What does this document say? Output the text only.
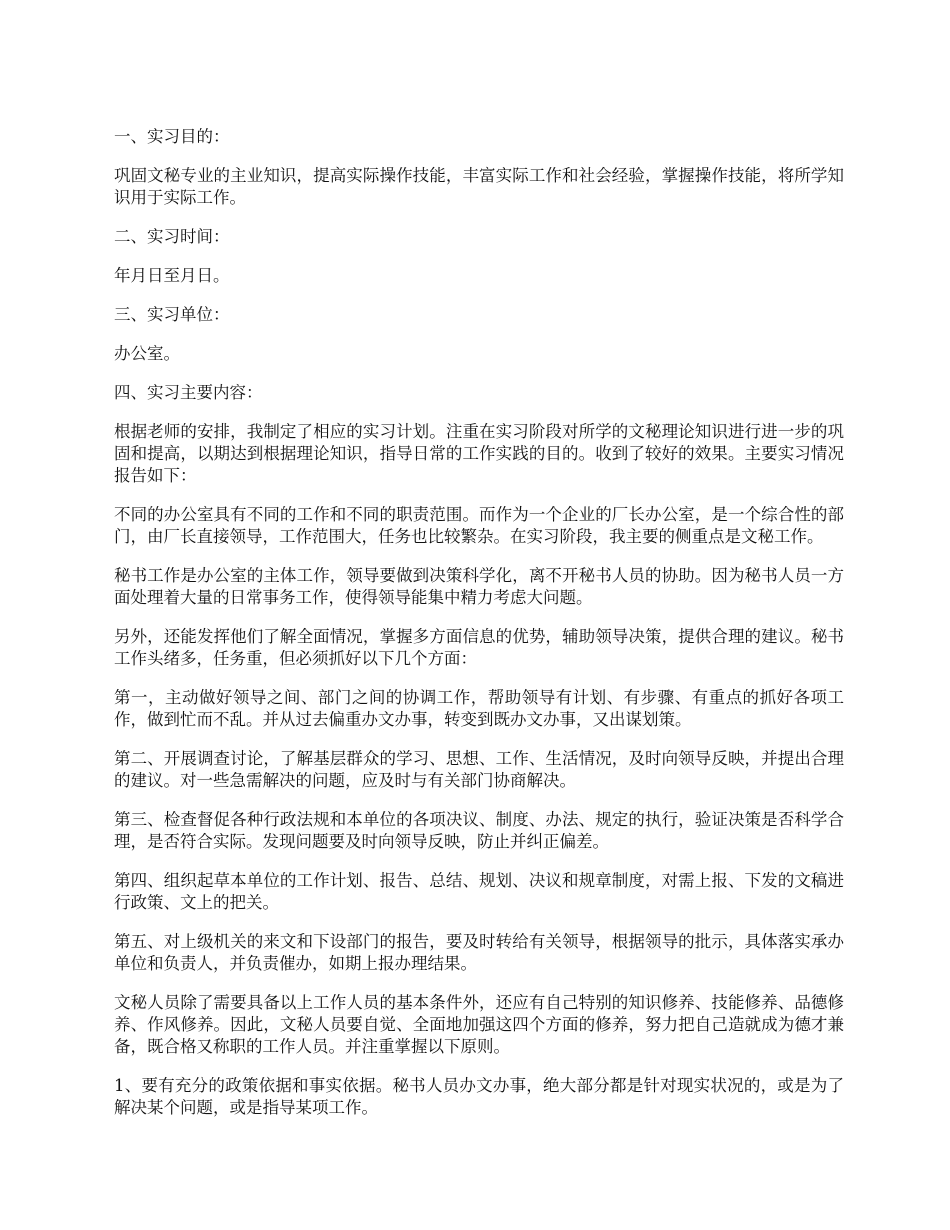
一、实习目的：

巩固文秘专业的主业知识，提高实际操作技能，丰富实际工作和社会经验，掌握操作技能，将所学知识用于实际工作。

二、实习时间：

年月日至月日。

三、实习单位：

办公室。

四、实习主要内容：

根据老师的安排，我制定了相应的实习计划。注重在实习阶段对所学的文秘理论知识进行进一步的巩固和提高，以期达到根据理论知识，指导日常的工作实践的目的。收到了较好的效果。主要实习情况报告如下：

不同的办公室具有不同的工作和不同的职责范围。而作为一个企业的厂长办公室，是一个综合性的部门，由厂长直接领导，工作范围大，任务也比较繁杂。在实习阶段，我主要的侧重点是文秘工作。

秘书工作是办公室的主体工作，领导要做到决策科学化，离不开秘书人员的协助。因为秘书人员一方面处理着大量的日常事务工作，使得领导能集中精力考虑大问题。

另外，还能发挥他们了解全面情况，掌握多方面信息的优势，辅助领导决策，提供合理的建议。秘书工作头绪多，任务重，但必须抓好以下几个方面：

第一，主动做好领导之间、部门之间的协调工作，帮助领导有计划、有步骤、有重点的抓好各项工作，做到忙而不乱。并从过去偏重办文办事，转变到既办文办事，又出谋划策。

第二、开展调查讨论，了解基层群众的学习、思想、工作、生活情况，及时向领导反映，并提出合理的建议。对一些急需解决的问题，应及时与有关部门协商解决。

第三、检查督促各种行政法规和本单位的各项决议、制度、办法、规定的执行，验证决策是否科学合理，是否符合实际。发现问题要及时向领导反映，防止并纠正偏差。

第四、组织起草本单位的工作计划、报告、总结、规划、决议和规章制度，对需上报、下发的文稿进行政策、文上的把关。

第五、对上级机关的来文和下设部门的报告，要及时转给有关领导，根据领导的批示，具体落实承办单位和负责人，并负责催办，如期上报办理结果。

文秘人员除了需要具备以上工作人员的基本条件外，还应有自己特别的知识修养、技能修养、品德修养、作风修养。因此，文秘人员要自觉、全面地加强这四个方面的修养，努力把自己造就成为德才兼备，既合格又称职的工作人员。并注重掌握以下原则。

1、要有充分的政策依据和事实依据。秘书人员办文办事，绝大部分都是针对现实状况的，或是为了解决某个问题，或是指导某项工作。
